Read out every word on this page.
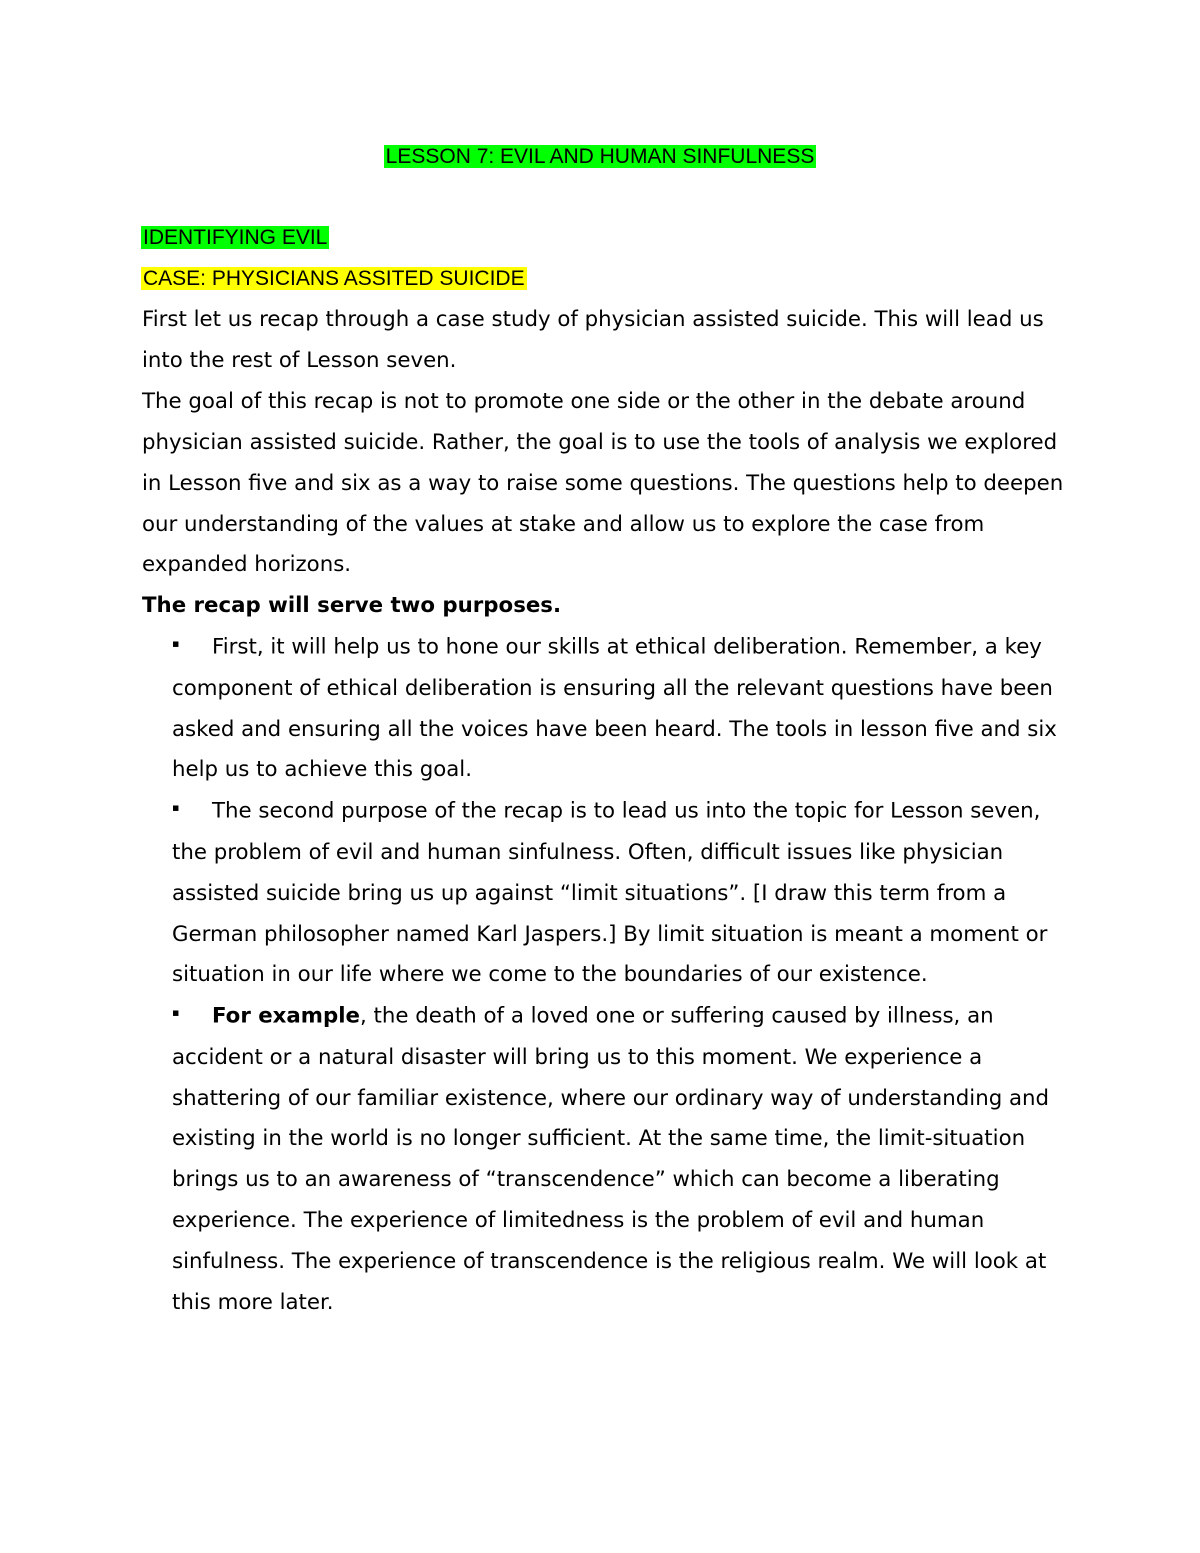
LESSON 7: EVIL AND HUMAN SINFULNESS
IDENTIFYING EVIL
CASE: PHYSICIANS ASSITED SUICIDE

First let us recap through a case study of physician assisted suicide. This will lead us into the rest of Lesson seven.

The goal of this recap is not to promote one side or the other in the debate around physician assisted suicide. Rather, the goal is to use the tools of analysis we explored in Lesson five and six as a way to raise some questions. The questions help to deepen our understanding of the values at stake and allow us to explore the case from expanded horizons.

The recap will serve two purposes.

▪ First, it will help us to hone our skills at ethical deliberation. Remember, a key component of ethical deliberation is ensuring all the relevant questions have been asked and ensuring all the voices have been heard. The tools in lesson five and six help us to achieve this goal.
▪ The second purpose of the recap is to lead us into the topic for Lesson seven, the problem of evil and human sinfulness. Often, difficult issues like physician assisted suicide bring us up against “limit situations”. [I draw this term from a German philosopher named Karl Jaspers.] By limit situation is meant a moment or situation in our life where we come to the boundaries of our existence.
▪ For example, the death of a loved one or suffering caused by illness, an accident or a natural disaster will bring us to this moment. We experience a shattering of our familiar existence, where our ordinary way of understanding and existing in the world is no longer sufficient. At the same time, the limit-situation brings us to an awareness of “transcendence” which can become a liberating experience. The experience of limitedness is the problem of evil and human sinfulness. The experience of transcendence is the religious realm. We will look at this more later.
